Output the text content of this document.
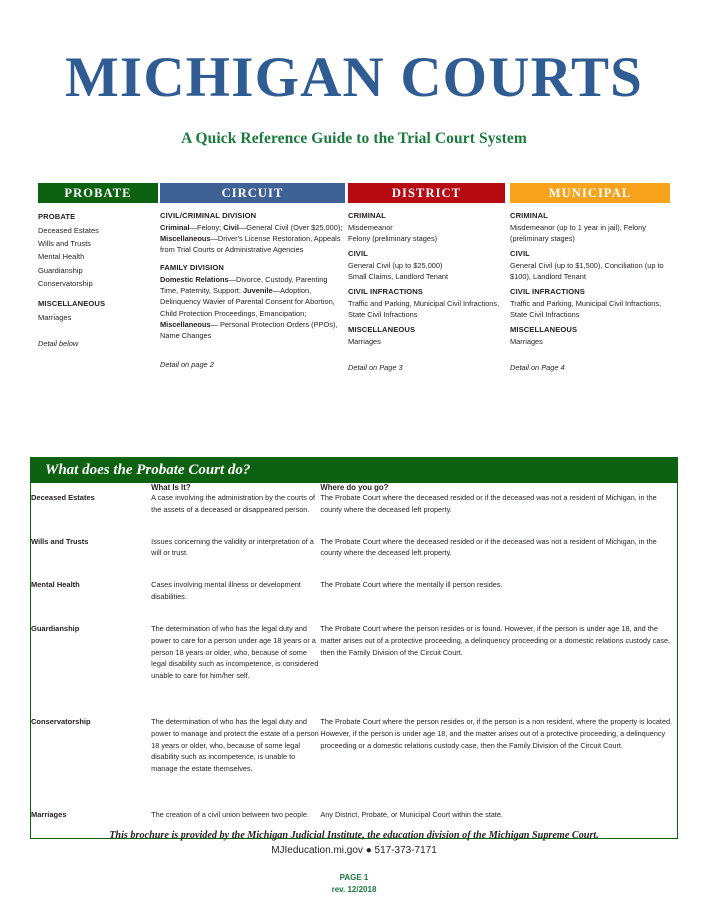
MICHIGAN COURTS
A Quick Reference Guide to the Trial Court System
PROBATE
PROBATE
Deceased Estates
Wills and Trusts
Mental Health
Guardianship
Conservatorship
MISCELLANEOUS
Marriages
Detail below
CIRCUIT
CIVIL/CRIMINAL DIVISION
Criminal—Felony; Civil—General Civil (Over $25,000); Miscellaneous—Driver's License Restoration, Appeals from Trial Courts or Administrative Agencies
FAMILY DIVISION
Domestic Relations—Divorce, Custody, Parenting Time, Paternity, Support; Juvenile—Adoption, Delinquency Wavier of Parental Consent for Abortion, Child Protection Proceedings, Emancipation; Miscellaneous— Personal Protection Orders (PPOs), Name Changes
Detail on page 2
DISTRICT
CRIMINAL
Misdemeanor
Felony (preliminary stages)
CIVIL
General Civil (up to $25,000)
Small Claims, Landlord Tenant
CIVIL INFRACTIONS
Traffic and Parking, Municipal Civil Infractions, State Civil Infractions
MISCELLANEOUS
Marriages
Detail on Page 3
MUNICIPAL
CRIMINAL
Misdemeanor (up to 1 year in jail), Felony (preliminary stages)
CIVIL
General Civil (up to $1,500), Conciliation (up to $100), Landlord Tenant
CIVIL INFRACTIONS
Traffic and Parking, Municipal Civil Infractions, State Civil Infractions
MISCELLANEOUS
Marriages
Detail on Page 4
What does the Probate Court do?
	What Is It?	Where do you go?
Deceased Estates	A case involving the administration by the courts of the assets of a deceased or disappeared person.	The Probate Court where the deceased resided or if the deceased was not a resident of Michigan, in the county where the deceased left property.
Wills and Trusts	Issues concerning the validity or interpretation of a will or trust.	The Probate Court where the deceased resided or if the deceased was not a resident of Michigan, in the county where the deceased left property.
Mental Health	Cases involving mental illness or development disabilities.	The Probate Court where the mentally ill person resides.
Guardianship	The determination of who has the legal duty and power to care for a person under age 18 years or a person 18 years or older, who, because of some legal disability such as incompetence, is considered unable to care for him/her self.	The Probate Court where the person resides or is found. However, if the person is under age 18, and the matter arises out of a protective proceeding, a delinquency proceeding or a domestic relations custody case, then the Family Division of the Circuit Court.
Conservatorship	The determination of who has the legal duty and power to manage and protect the estate of a person 18 years or older, who, because of some legal disability such as incompetence, is unable to manage the estate themselves.	The Probate Court where the person resides or, if the person is a non resident, where the property is located. However, if the person is under age 18, and the matter arises out of a protective proceeding, a delinquency proceeding or a domestic relations custody case, then the Family Division of the Circuit Court.
Marriages	The creation of a civil union between two people.	Any District, Probate, or Municipal Court within the state.
This brochure is provided by the Michigan Judicial Institute, the education division of the Michigan Supreme Court.
MJIeducation.mi.gov ● 517-373-7171
PAGE 1
rev. 12/2018
